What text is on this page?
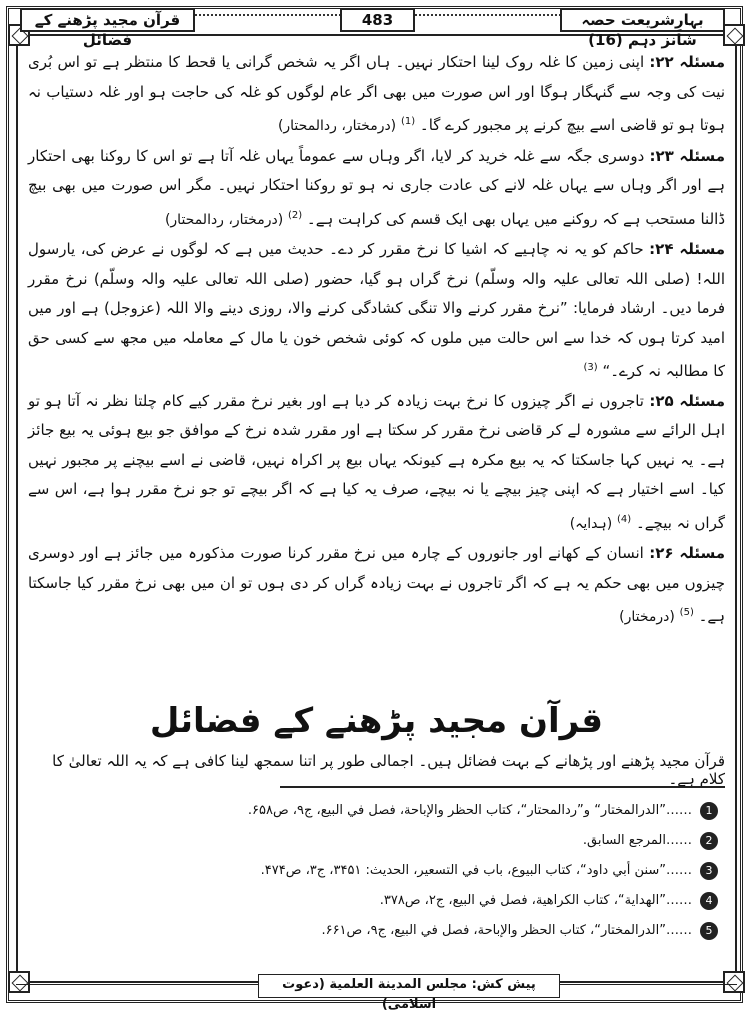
بہارِشریعت حصہ شانز دہم (16)
483
قرآن مجید پڑھنے کے فضائل

مسئلہ ۲۲: اپنی زمین کا غلہ روک لینا احتکار نہیں۔ ہاں اگر یہ شخص گرانی یا قحط کا منتظر ہے تو اس بُری نیت کی وجہ سے گنہگار ہوگا اور اس صورت میں بھی اگر عام لوگوں کو غلہ کی حاجت ہو اور غلہ دستیاب نہ ہوتا ہو تو قاضی اسے بیچ کرنے پر مجبور کرے گا۔ $^{(1)}$ (درمختار، ردالمحتار)

مسئلہ ۲۳: دوسری جگہ سے غلہ خرید کر لایا، اگر وہاں سے عموماً یہاں غلہ آتا ہے تو اس کا روکنا بھی احتکار ہے اور اگر وہاں سے یہاں غلہ لانے کی عادت جاری نہ ہو تو روکنا احتکار نہیں۔ مگر اس صورت میں بھی بیچ ڈالنا مستحب ہے کہ روکنے میں یہاں بھی ایک قسم کی کراہت ہے۔ $^{(2)}$ (درمختار، ردالمحتار)

مسئلہ ۲۴: حاکم کو یہ نہ چاہیے کہ اشیا کا نرخ مقرر کر دے۔ حدیث میں ہے کہ لوگوں نے عرض کی، یارسول اللہ! (صلی اللہ تعالی علیہ والہ وسلّم) نرخ گراں ہو گیا، حضور (صلی اللہ تعالی علیہ والہ وسلّم) نرخ مقرر فرما دیں۔ ارشاد فرمایا: ”نرخ مقرر کرنے والا تنگی کشادگی کرنے والا، روزی دینے والا اللہ (عزوجل) ہے اور میں امید کرتا ہوں کہ خدا سے اس حالت میں ملوں کہ کوئی شخص خون یا مال کے معاملہ میں مجھ سے کسی حق کا مطالبہ نہ کرے۔“ $^{(3)}$

مسئلہ ۲۵: تاجروں نے اگر چیزوں کا نرخ بہت زیادہ کر دیا ہے اور بغیر نرخ مقرر کیے کام چلتا نظر نہ آتا ہو تو اہل الرائے سے مشورہ لے کر قاضی نرخ مقرر کر سکتا ہے اور مقرر شدہ نرخ کے موافق جو بیع ہوئی یہ بیع جائز ہے۔ یہ نہیں کہا جاسکتا کہ یہ بیع مکرہ ہے کیونکہ یہاں بیع پر اکراہ نہیں، قاضی نے اسے بیچنے پر مجبور نہیں کیا۔ اسے اختیار ہے کہ اپنی چیز بیچے یا نہ بیچے، صرف یہ کیا ہے کہ اگر بیچے تو جو نرخ مقرر ہوا ہے، اس سے گراں نہ بیچے۔ $^{(4)}$ (ہدایہ)

مسئلہ ۲۶: انسان کے کھانے اور جانوروں کے چارہ میں نرخ مقرر کرنا صورت مذکورہ میں جائز ہے اور دوسری چیزوں میں بھی حکم یہ ہے کہ اگر تاجروں نے بہت زیادہ گراں کر دی ہوں تو ان میں بھی نرخ مقرر کیا جاسکتا ہے۔ $^{(5)}$ (درمختار)

قرآن مجید پڑھنے کے فضائل
قرآن مجید پڑھنے اور پڑھانے کے بہت فضائل ہیں۔ اجمالی طور پر اتنا سمجھ لینا کافی ہے کہ یہ اللہ تعالیٰ کا کلام ہے۔
1
……”الدرالمختار“ و”ردالمحتار“، كتاب الحظر والإباحة، فصل في البيع، ج۹، ص۶۵۸.
2
……المرجع السابق.
3
……”سنن أبي داود“، كتاب البيوع، باب في التسعير، الحديث: ۳۴۵۱، ج۳، ص۴۷۴.
4
……”الهداية“، كتاب الكراهية، فصل في البيع، ج۲، ص۳۷۸.
5
……”الدرالمختار“، كتاب الحظر والإباحة، فصل في البيع، ج۹، ص۶۶۱.
پیش کش: مجلس المدينة العلمية (دعوت اسلامی)
